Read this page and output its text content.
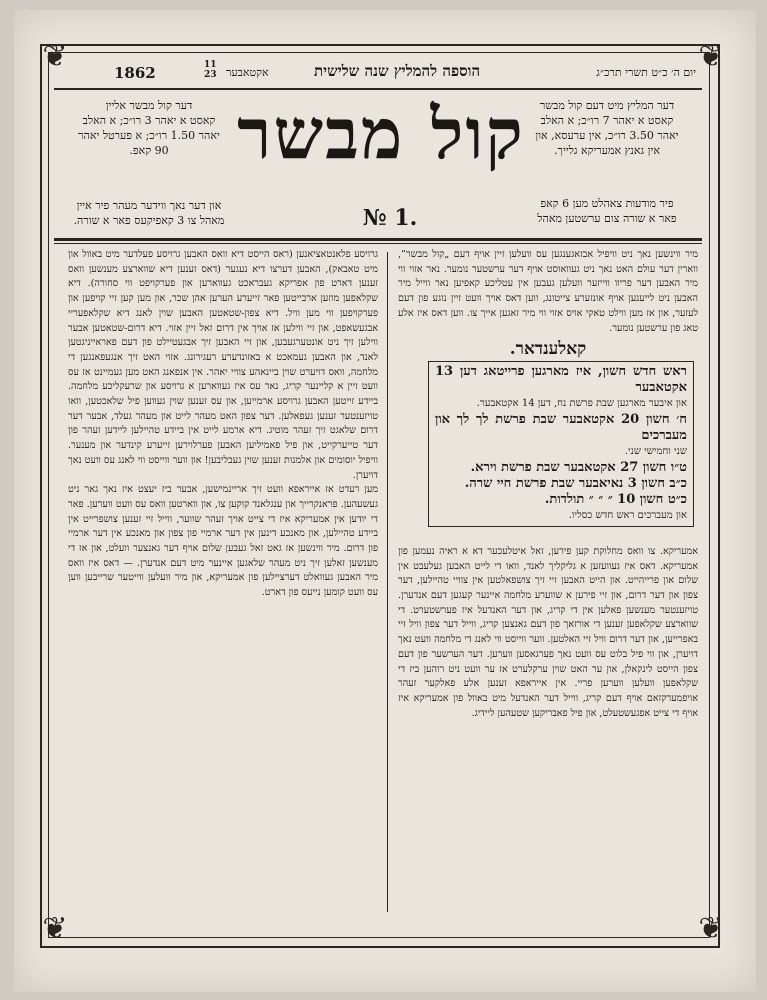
❦	❦
❦	❦
יום ה׳ כ״ט תשרי תרכ״ג
הוספה להמליץ שנה שלישית
אקטאבער
11
23
1862
דער המליץ מיט דעם קול מבשר
קאסט א יאהר 7 רו״כ; א האלב
יאהר 3.50 רו״כ, אין ערעסא, און
אין גאנץ אמעריקא גלייך.
דער קול מבשר אליין
קאסט א יאהר 3 רו״כ; א האלב
יאהר 1.50 רו״כ; א פערטל יאהר
90 קאפ. קול מבשר
№ 1.
פיר מודעות צאהלט מען 6 קאפ
פאר א שורה צום ערשטען מאהל
און דער נאך ווידער מעהר פיר איין
מאהל צו 3 קאפיקעס פאר א שורה.
מיר ווינשען נאך ניט וויפיל אבזאגענגען עס וועלען זיין אויף דעם „קול מבשר”, ווארין דער עולם האט נאך ניט געוואוסט אויף דער ערשטער נומער. נאר אזוי ווי מיר האבען דער פריוו ווייזער וועלען געבען אין עטליכע קאפיען נאר ווייל מיר האבען ניט לייענען אויף אונזערע צייטונג, ווען דאס אויך וועט זיין נוגע פון דעם לעזער, און אז מען ווילט טאקי אויס אזוי ווי מיר זאגען אייך צו. ווען דאס איז אלע טאג פון ערשטען נומער.
קאלענדאר.
ראש חדש חשון, איז מארגען פרייטאג דען 13 אקטאבער
און איבער מארגען שבת פרשת נח, דען 14 אקטאבער.
ח׳ חשון 20 אקטאבער שבת פרשת לך לך און מעברכים
שני וחמישי שני.
ט״ו חשון 27 אקטאבער שבת פרשת וירא.
כ״ב חשון 3 נאיאבער שבת פרשת חיי שרה.
כ״ט חשון 10 ״ ״ ״ תולדות.
און מעברכים ראש חדש כסליו.
אמעריקא. צו וואס מחלוקת קען פירען, זאל איטלעכער דא א ראיה נעמען פון אמעריקא. דאס איז געוועזען א גליקליך לאנד, וואו די לייט האבען געלעבט אין שלום און פרייהייט. און הייט האבען זיי זיך צושפאלטען אין צוויי טהיילען, דער צפון און דער דרום, און זיי פירען א שווערע מלחמה איינער קעגען דעם אנדערן. טויזענטער מענשען פאלען אין די קריג, און דער האנדעל איז פערשטערט. די שווארצע שקלאפען זענען די אורזאך פון דעם גאנצען קריג, ווייל דער צפון וויל זיי באפרייען, און דער דרום וויל זיי האלטען. ווער ווייסט ווי לאנג די מלחמה וועט נאך דויערן, און ווי פיל בלוט עס וועט נאך פערגאסען ווערען. דער הערשער פון דעם צפון הייסט לינקאלן, און ער האט שוין ערקלערט אז ער וועט ניט רוהען ביז די שקלאפען וועלען ווערען פריי. אין אייראפא זענען אלע פאלקער זעהר אויפמערקזאם אויף דעם קריג, ווייל דער האנדעל מיט באוול פון אמעריקא איז אויף די צייט אפגעשטעלט, און פיל פאבריקען שטעהען ליידיג.
גרויסע פלאנטאציאנען (ראס הייסט דיא וואס האבען גרויסע פעלדער מיט באוול און מיט טאבאק), האבען דערצו דיא נעגער (דאס זענען דיא שווארצע מענשען וואס זענען דארט פון אפריקא געבראכט געווארען און פערקויפט ווי סחורה). דיא שקלאפען מוזען ארבייטען פאר זייערע הערען אהן שכר, און מען קען זיי קויפען און פערקויפען ווי מען וויל. דיא צפון-שטאטען האבען שוין לאנג דיא שקלאפעריי אבגעשאפט, און זיי ווילען אז אויך אין דרום זאל זיין אזוי. דיא דרום-שטאטען אבער ווילען זיך ניט אונטערגעבען, און זיי האבען זיך אבגעטיילט פון דעם פאראייניגטען לאנד, און האבען געמאכט א באזונדערע רעגירונג. אזוי האט זיך אנגעפאנגען די מלחמה, וואס דויערט שוין ביינאהע צוויי יאהר. אין אנפאנג האט מען געמיינט אז עס וועט זיין א קליינער קריג, נאר עס איז געווארען א גרויסע און שרעקליכע מלחמה. ביידע זייטען האבען גרויסע ארמייען, און עס זענען שוין געווען פיל שלאכטען, וואו טויזענטער זענען געפאלען. דער צפון האט מעהר לייט און מעהר געלד, אבער דער דרום שלאגט זיך זעהר מוטיג. דיא ארמע לייט אין ביידע טהיילען ליידען זעהר פון דער טייערקייט, און פיל פאמיליען האבען פערלוירען זייערע קינדער און מענער. וויפיל יוסומים און אלמנות זענען שוין געבליבען! און ווער ווייסט ווי לאנג עס וועט נאך דויערן.
מען רעדט אז אייראפא וועט זיך אריינמישען, אבער ביז יעצט איז נאך גאר ניט געשעהען. פראנקרייך און ענגלאנד קוקען צו, און ווארטען וואס עס וועט ווערען. פאר די יודען אין אמעריקא איז די צייט אויך זעהר שווער, ווייל זיי זענען צושפרייט אין ביידע טהיילען, און מאנכע דינען אין דער ארמיי פון צפון און מאנכע אין דער ארמיי פון דרום. מיר ווינשען אז גאט זאל געבען שלום אויף דער גאנצער וועלט, און אז די מענשען זאלען זיך ניט מעהר שלאגען איינער מיט דעם אנדערן. — דאס איז וואס מיר האבען געוואלט דערציילען פון אמעריקא, און מיר וועלען ווייטער שרייבען ווען עס וועט קומען נייעס פון דארט.
